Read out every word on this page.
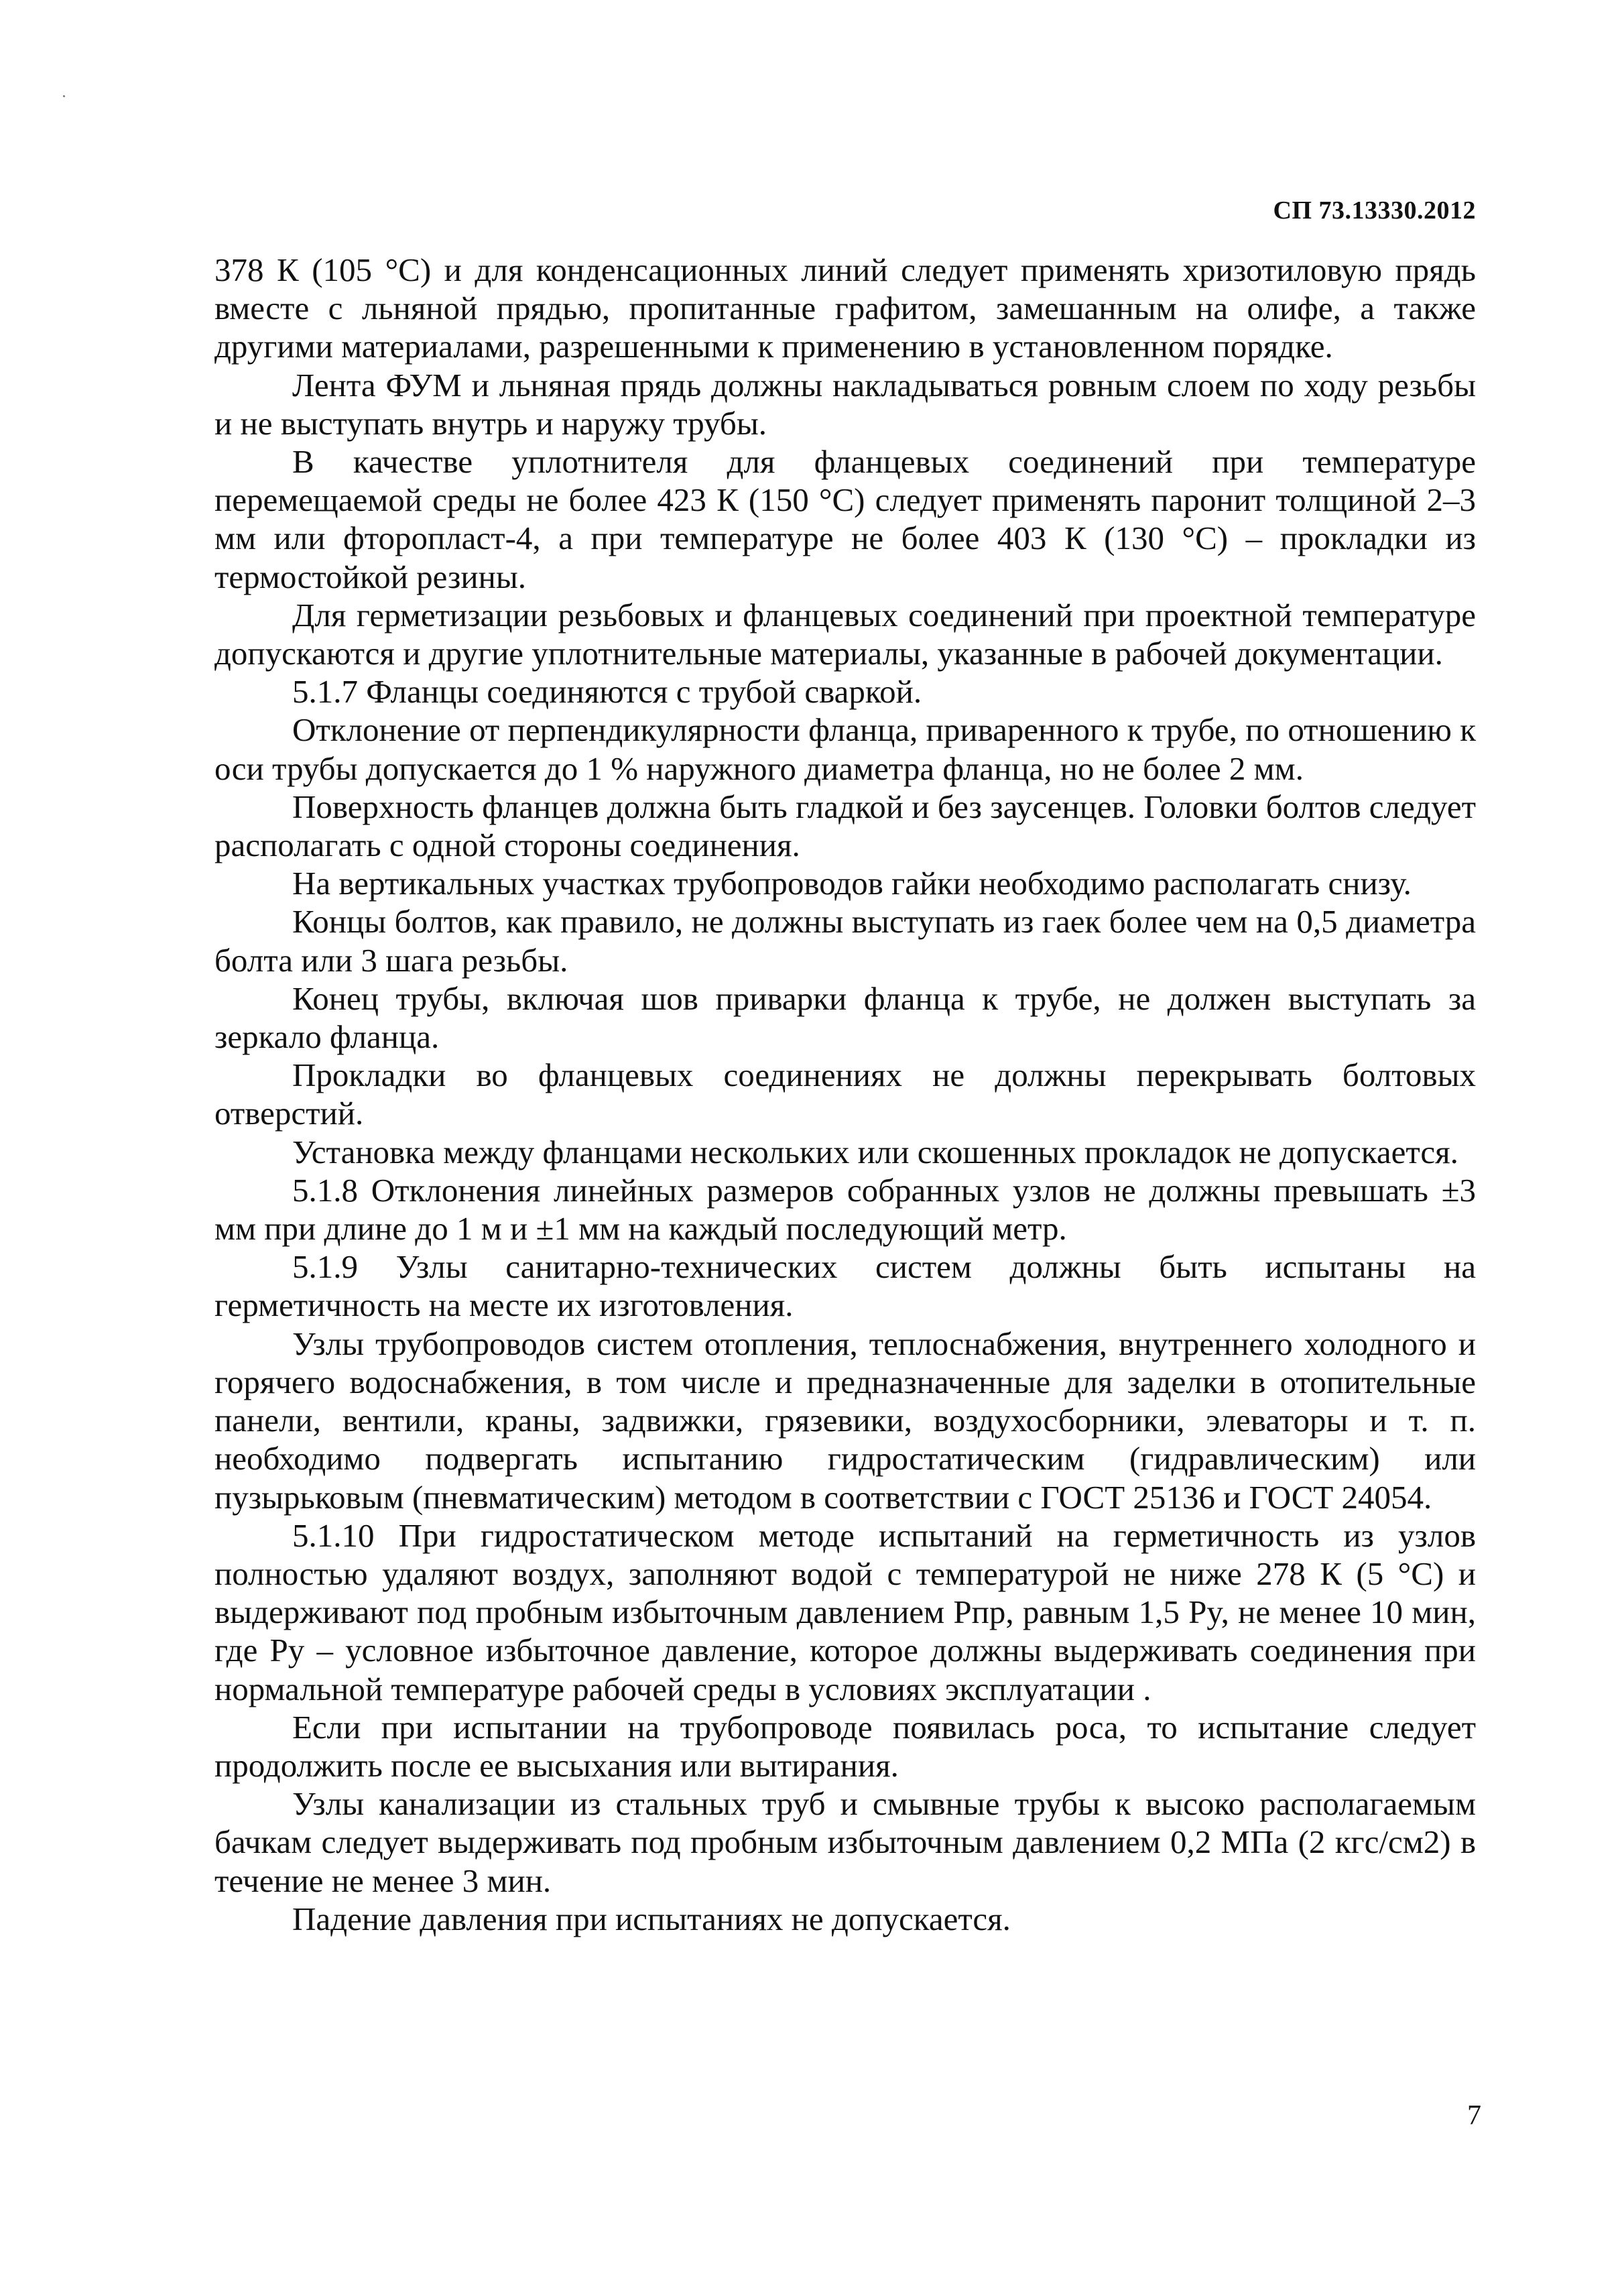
СП 73.13330.2012

378 К (105 °С) и для конденсационных линий следует применять хризотиловую прядь вместе с льняной прядью, пропитанные графитом, замешанным на олифе, а также другими материалами, разрешенными к применению в установленном порядке.

Лента ФУМ и льняная прядь должны накладываться ровным слоем по ходу резьбы и не выступать внутрь и наружу трубы.

В качестве уплотнителя для фланцевых соединений при температуре перемещаемой среды не более 423 К (150 °С) следует применять паронит толщиной 2–3 мм или фторопласт-4, а при температуре не более 403 К (130 °С) – прокладки из термостойкой резины.

Для герметизации резьбовых и фланцевых соединений при проектной температуре допускаются и другие уплотнительные материалы, указанные в рабочей документации.

5.1.7 Фланцы соединяются с трубой сваркой.

Отклонение от перпендикулярности фланца, приваренного к трубе, по отношению к оси трубы допускается до 1 % наружного диаметра фланца, но не более 2 мм.

Поверхность фланцев должна быть гладкой и без заусенцев. Головки болтов следует располагать с одной стороны соединения.

На вертикальных участках трубопроводов гайки необходимо располагать снизу.

Концы болтов, как правило, не должны выступать из гаек более чем на 0,5 диаметра болта или 3 шага резьбы.

Конец трубы, включая шов приварки фланца к трубе, не должен выступать за зеркало фланца.

Прокладки во фланцевых соединениях не должны перекрывать болтовых отверстий.

Установка между фланцами нескольких или скошенных прокладок не допускается.

5.1.8 Отклонения линейных размеров собранных узлов не должны превышать ±3 мм при длине до 1 м и ±1 мм на каждый последующий метр.

5.1.9 Узлы санитарно-технических систем должны быть испытаны на герметичность на месте их изготовления.

Узлы трубопроводов систем отопления, теплоснабжения, внутреннего холодного и горячего водоснабжения, в том числе и предназначенные для заделки в отопительные панели, вентили, краны, задвижки, грязевики, воздухосборники, элеваторы и т. п. необходимо подвергать испытанию гидростатическим (гидравлическим) или пузырьковым (пневматическим) методом в соответствии с ГОСТ 25136 и ГОСТ 24054.

5.1.10 При гидростатическом методе испытаний на герметичность из узлов полностью удаляют воздух, заполняют водой с температурой не ниже 278 К (5 °С) и выдерживают под пробным избыточным давлением Pпр, равным 1,5 Py, не менее 10 мин, где Py – условное избыточное давление, которое должны выдерживать соединения при нормальной температуре рабочей среды в условиях эксплуатации .

Если при испытании на трубопроводе появилась роса, то испытание следует продолжить после ее высыхания или вытирания.

Узлы канализации из стальных труб и смывные трубы к высоко располагаемым бачкам следует выдерживать под пробным избыточным давлением 0,2 МПа (2 кгс/см2) в течение не менее 3 мин.

Падение давления при испытаниях не допускается.

7
